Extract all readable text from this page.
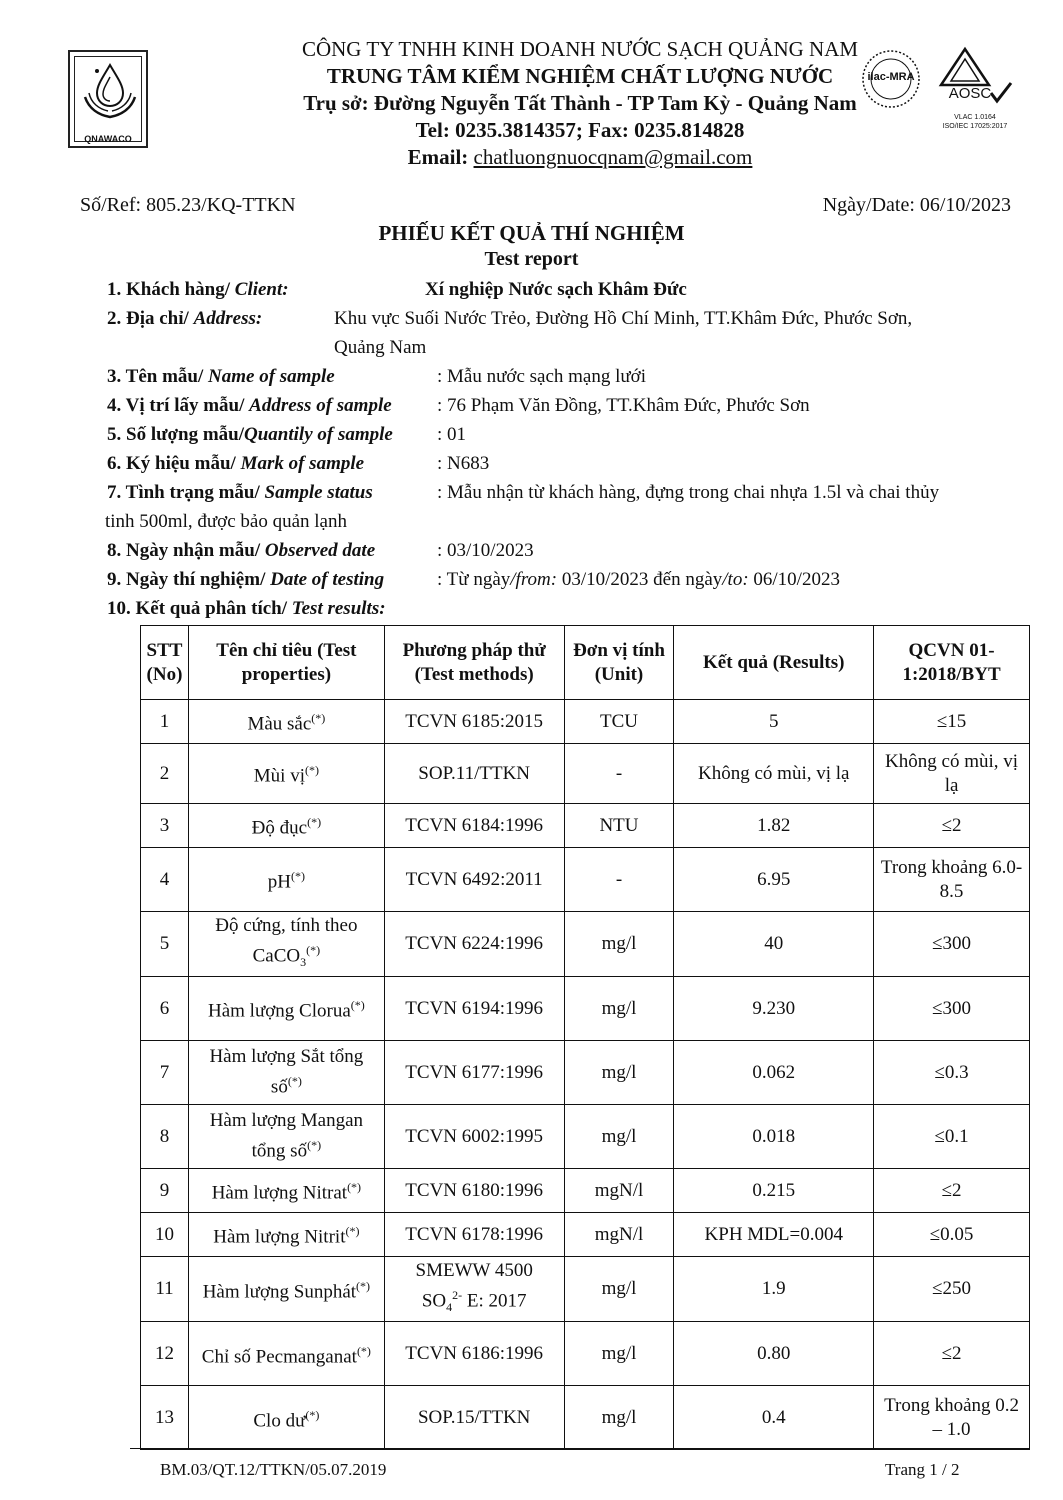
QNAWACO
CÔNG TY TNHH KINH DOANH NƯỚC SẠCH QUẢNG NAM
TRUNG TÂM KIỂM NGHIỆM CHẤT LƯỢNG NƯỚC
Trụ sở: Đường Nguyễn Tất Thành - TP Tam Kỳ - Quảng Nam
Tel: 0235.3814357; Fax: 0235.814828
Email: chatluongnuocqnam@gmail.com
ilac-MRA
AOSC
VLAC 1.0164
ISO/IEC 17025:2017
Số/Ref: 805.23/KQ-TTKN	Ngày/Date: 06/10/2023
PHIẾU KẾT QUẢ THÍ NGHIỆM
Test report
1. Khách hàng/ Client:	Xí nghiệp Nước sạch Khâm Đức
2. Địa chỉ/ Address:	Khu vực Suối Nước Trẻo, Đường Hồ Chí Minh, TT.Khâm Đức, Phước Sơn,
Quảng Nam
3. Tên mẫu/ Name of sample	: Mẫu nước sạch mạng lưới
4. Vị trí lấy mẫu/ Address of sample : 76 Phạm Văn Đồng, TT.Khâm Đức, Phước Sơn
5. Số lượng mẫu/Quantily of sample : 01
6. Ký hiệu mẫu/ Mark of sample	: N683
7. Tình trạng mẫu/ Sample status	: Mẫu nhận từ khách hàng, đựng trong chai nhựa 1.5l và chai thủy
tinh 500ml, được bảo quản lạnh
8. Ngày nhận mẫu/ Observed date	: 03/10/2023
9. Ngày thí nghiệm/ Date of testing	: Từ ngày/from: 03/10/2023 đến ngày/to: 06/10/2023
10. Kết quả phân tích/ Test results:
STT (No)	Tên chỉ tiêu (Test properties)	Phương pháp thử (Test methods)	Đơn vị tính (Unit)	Kết quả (Results)	QCVN 01-1:2018/BYT
1	Màu sắc(*)	TCVN 6185:2015	TCU	5	≤15
2	Mùi vị(*)	SOP.11/TTKN	-	Không có mùi, vị lạ	Không có mùi, vị lạ
3	Độ đục(*)	TCVN 6184:1996	NTU	1.82	≤2
4	pH(*)	TCVN 6492:2011	-	6.95	Trong khoảng 6.0-8.5
5	Độ cứng, tính theo CaCO$_3$(*)	TCVN 6224:1996	mg/l	40	≤300
6	Hàm lượng Clorua(*)	TCVN 6194:1996	mg/l	9.230	≤300
7	Hàm lượng Sắt tổng số(*)	TCVN 6177:1996	mg/l	0.062	≤0.3
8	Hàm lượng Mangan tổng số(*)	TCVN 6002:1995	mg/l	0.018	≤0.1
9	Hàm lượng Nitrat(*)	TCVN 6180:1996	mgN/l	0.215	≤2
10	Hàm lượng Nitrit(*)	TCVN 6178:1996	mgN/l	KPH MDL=0.004	≤0.05
11	Hàm lượng Sunphát(*)	SMEWW 4500
$SO_4^{2-}$ E: 2017	mg/l	1.9	≤250
12	Chỉ số Pecmanganat(*)	TCVN 6186:1996	mg/l	0.80	≤2
13	Clo dư(*)	SOP.15/TTKN	mg/l	0.4	Trong khoảng 0.2 – 1.0
BM.03/QT.12/TTKN/05.07.2019	Trang 1 / 2
